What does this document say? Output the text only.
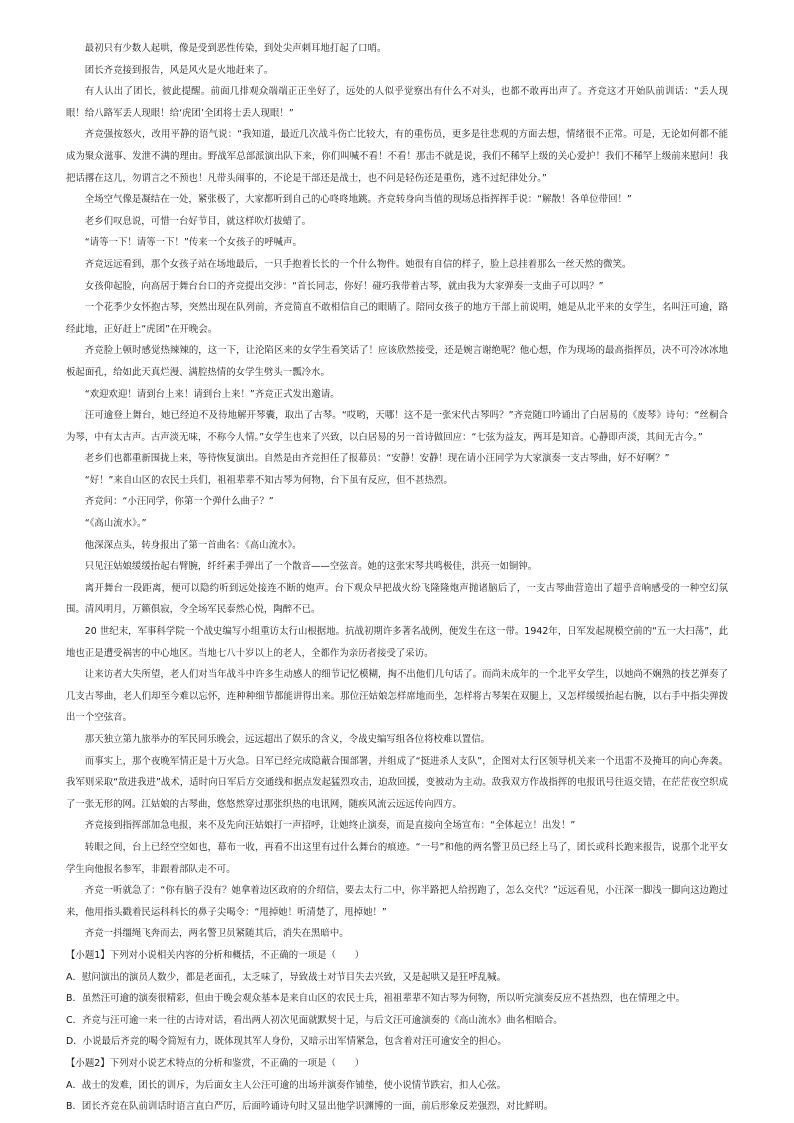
最初只有少数人起哄，像是受到恶性传染，到处尖声刺耳地打起了口哨。

团长齐竞接到报告，风是风火是火地赶来了。

有人认出了团长，彼此提醒。前面几排观众端端正正坐好了，远处的人似乎觉察出有什么不对头，也都不敢再出声了。齐竞这才开始队前训话：“丢人现眼！给八路军丢人现眼！给‘虎团’全团将士丢人现眼！”

齐竞强按怒火，改用平静的语气说：“我知道，最近几次战斗伤亡比较大，有的重伤员，更多是往悲观的方面去想，情绪很不正常。可是，无论如何都不能成为聚众滋事、发泄不满的理由。野战军总部派演出队下来，你们叫喊不看！不看！那击不就是说，我们不稀罕上级的关心爱护！我们不稀罕上级前来慰问！我把话撂在这儿，勿谓言之不预也！凡带头闹事的，不论是干部还是战士，也不问是轻伤还是重伤，逃不过纪律处分。”

全场空气像是凝结在一处，紧张极了，大家都听到自己的心咚咚地跳。齐竞转身向当值的现场总指挥挥手说：“解散！各单位带回！”

老乡们叹息说，可惜一台好节目，就这样吹灯拔蜡了。

“请等一下！请等一下！”传来一个女孩子的呼喊声。

齐竞远远看到，那个女孩子站在场地最后，一只手抱着长长的一个什么物件。她很有自信的样子，脸上总挂着那么一丝天然的微笑。

女孩仰起脸，向高居于舞台台口的齐竞提出交涉：“首长同志，你好！碰巧我带着古琴，就由我为大家弹奏一支曲子可以吗？”

一个花季少女怀抱古琴，突然出现在队列前，齐竞简直不敢相信自己的眼睛了。陪同女孩子的地方干部上前说明，她是从北平来的女学生，名叫汪可逾，路经此地，正好赶上“虎团”在开晚会。

齐竞脸上顿时感觉热辣辣的，这一下，让沦陷区来的女学生看笑话了！应该欣然接受，还是婉言谢绝呢？他心想，作为现场的最高指挥员，决不可冷冰冰地板起面孔，给如此天真烂漫、满腔热情的女学生劈头一瓢冷水。

“欢迎欢迎！请到台上来！请到台上来！”齐竞正式发出邀请。

汪可逾登上舞台，她已经迫不及待地解开琴囊，取出了古琴。“哎哟，天哪！这不是一张宋代古琴吗？”齐竞随口吟诵出了白居易的《废琴》诗句：“丝桐合为琴，中有太古声。古声淡无味，不称今人情。”女学生也来了兴致，以白居易的另一首诗做回应：“七弦为益友，两耳是知音。心静即声淡，其间无古今。”

老乡们也都重新围拢上来，等待恢复演出。自然是由齐竞担任了报幕员：“安静！安静！现在请小汪同学为大家演奏一支古琴曲，好不好啊？”

“好！”来自山区的农民士兵们，祖祖辈辈不知古琴为何物，台下虽有反应，但不甚热烈。

齐竞问：“小汪同学，你第一个弹什么曲子？”

“《高山流水》。”

他深深点头，转身报出了第一首曲名：《高山流水》。

只见汪姑娘缓缓抬起右臂腕，纤纤素手弹出了一个散音——空弦音。她的这张宋琴共鸣极佳，洪亮一如铜钟。

离开舞台一段距离，便可以隐约听到远处接连不断的炮声。台下观众早把战火纷飞隆隆炮声抛诸脑后了，一支古琴曲营造出了超乎音响感受的一种空幻氛围。清风明月，万籁俱寂，令全场军民泰然心悦，陶醉不已。

20 世纪末，军事科学院一个战史编写小组重访太行山根据地。抗战初期许多著名战例，便发生在这一带。1942年，日军发起规模空前的“五一大扫荡”，此地也正是遭受祸害的中心地区。当地七八十岁以上的老人，全都作为亲历者接受了采访。

让来访者大失所望，老人们对当年战斗中许多生动感人的细节记忆模糊，掏不出他们几句话了。而尚未成年的一个北平女学生，以她尚不娴熟的技艺弹奏了几支古琴曲，老人们却至今难以忘怀，连种种细节都能讲得出来。那位汪姑娘怎样席地而坐，怎样将古琴架在双腿上，又怎样缓缓抬起右腕，以右手中指尖弹拨出一个空弦音。

那天独立第九旅举办的军民同乐晚会，远远超出了娱乐的含义，令战史编写组各位将校难以置信。

而事实上，那个夜晚军情正是十万火急。日军已经完成隐蔽合围部署，并组成了“挺进杀人支队”，企图对太行区领导机关来一个迅雷不及掩耳的向心奔袭。我军则采取“敌进我进”战术，适时向日军后方交通线和据点发起猛烈攻击，迫敌回援，变被动为主动。敌我双方作战指挥的电报讯号往返交错，在茫茫夜空织成了一张无形的网。江姑娘的古琴曲，悠悠然穿过那张织热的电讯网，随疾风流云远远传向四方。

齐竞接到指挥部加急电报，来不及先向汪姑娘打一声招呼，让她终止演奏，而是直接向全场宣布：“全体起立！出发！”

转眼之间，台上已经空空如也，幕布一收，再看不出这里有过什么舞台的痕迹。“一号”和他的两名警卫员已经上马了，团长或科长跑来报告，说那个北平女学生向他报名参军，非跟着部队走不可。

齐竞一听就急了：“你有脑子没有？她拿着边区政府的介绍信，要去太行二中，你半路把人给拐跑了，怎么交代？”远远看见，小汪深一脚浅一脚向这边跑过来，他用指头戳着民运科科长的鼻子尖喝令：“甩掉她！听清楚了，甩掉她！”

齐竞一抖缰绳飞奔而去，两名警卫员紧随其后，消失在黑暗中。

【小题1】下列对小说相关内容的分析和概括，不正确的一项是（　　）

A．慰问演出的演员人数少，都是老面孔，太乏味了，导致战士对节目失去兴致，又是起哄又是狂呼乱喊。

B．虽然汪可逾的演奏很精彩，但由于晚会观众基本是来自山区的农民士兵，祖祖辈辈不知古琴为何物，所以听完演奏反应不甚热烈，也在情理之中。

C．齐竞与汪可逾一来一往的古诗对话，看出两人初次见面就默契十足，与后文汪可逾演奏的《高山流水》曲名相暗合。

D．小说最后齐竞的喝令简短有力，既体现其军人身份，又暗示出军情紧急，包含着对汪可逾安全的担心。

【小题2】下列对小说艺术特点的分析和鉴赏，不正确的一项是（　　）

A．战士的发难，团长的训斥，为后面女主人公汪可逾的出场并演奏作铺垫，使小说情节跌宕，扣人心弦。

B．团长齐竞在队前训话时语言直白严厉，后面吟诵诗句时又显出他学识渊博的一面，前后形象反差强烈，对比鲜明。
